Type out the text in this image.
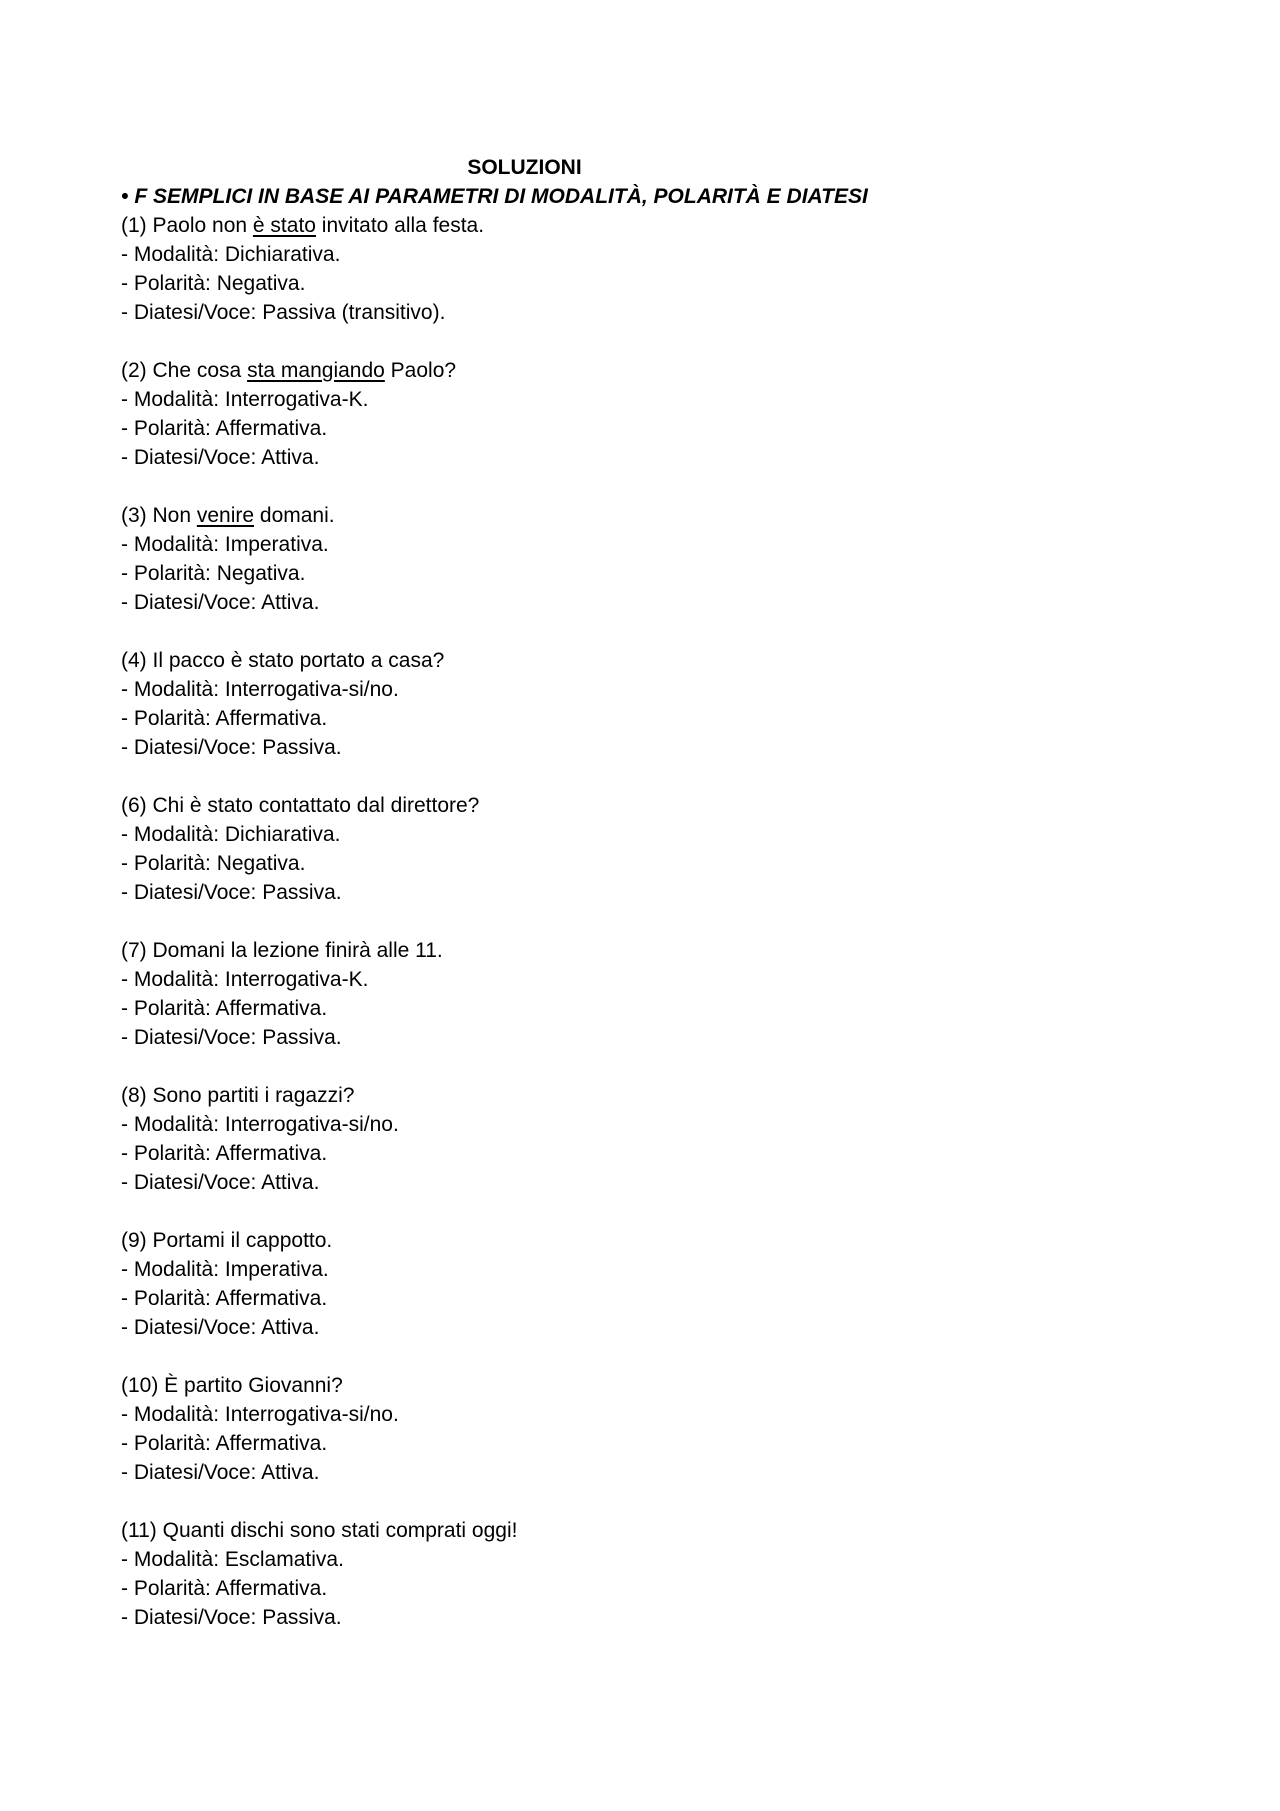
SOLUZIONI
• F SEMPLICI IN BASE AI PARAMETRI DI MODALITÀ, POLARITÀ E DIATESI
(1) Paolo non è stato invitato alla festa.
- Modalità: Dichiarativa.
- Polarità: Negativa.
- Diatesi/Voce: Passiva (transitivo).
(2) Che cosa sta mangiando Paolo?
- Modalità: Interrogativa-K.
- Polarità: Affermativa.
- Diatesi/Voce: Attiva.
(3) Non venire domani.
- Modalità: Imperativa.
- Polarità: Negativa.
- Diatesi/Voce: Attiva.
(4) Il pacco è stato portato a casa?
- Modalità: Interrogativa-si/no.
- Polarità: Affermativa.
- Diatesi/Voce: Passiva.
(6) Chi è stato contattato dal direttore?
- Modalità: Dichiarativa.
- Polarità: Negativa.
- Diatesi/Voce: Passiva.
(7) Domani la lezione finirà alle 11.
- Modalità: Interrogativa-K.
- Polarità: Affermativa.
- Diatesi/Voce: Passiva.
(8) Sono partiti i ragazzi?
- Modalità: Interrogativa-si/no.
- Polarità: Affermativa.
- Diatesi/Voce: Attiva.
(9) Portami il cappotto.
- Modalità: Imperativa.
- Polarità: Affermativa.
- Diatesi/Voce: Attiva.
(10) È partito Giovanni?
- Modalità: Interrogativa-si/no.
- Polarità: Affermativa.
- Diatesi/Voce: Attiva.
(11) Quanti dischi sono stati comprati oggi!
- Modalità: Esclamativa.
- Polarità: Affermativa.
- Diatesi/Voce: Passiva.
